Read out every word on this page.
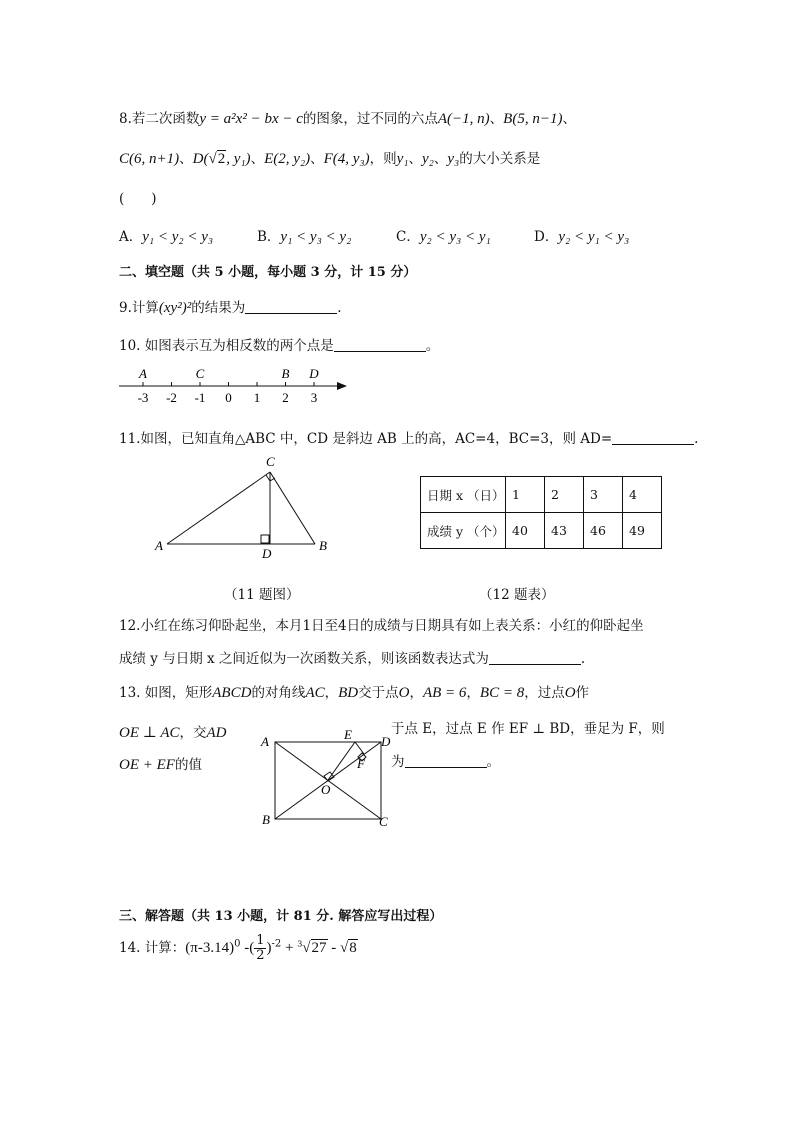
8.若二次函数y = a²x² − bx − c的图象，过不同的六点A(−1, n)、B(5, n−1)、
C(6, n+1)、D(√2, y₁)、E(2, y₂)、F(4, y₃)，则y₁、y₂、y₃的大小关系是
(　　)
A．y₁ < y₂ < y₃	B．y₁ < y₃ < y₂	C．y₂ < y₃ < y₁	D．y₂ < y₁ < y₃
二、填空题（共 5 小题，每小题 3 分，计 15 分）
9.计算(xy²)²的结果为	.
10. 如图表示互为相反数的两个点是	。
-3 -2 -1 0 1 2 3
A	C	B D
11.如图，已知直角△ABC 中，CD 是斜边 AB 上的高，AC=4，BC=3，则 AD=	.
A	B
C
D
（11 题图）
日期 x （日）	1	2	3	4
成绩 y （个）	40	43	46	49
（12 题表）
12.小红在练习仰卧起坐，本月1日至4日的成绩与日期具有如上表关系：小红的仰卧起坐
成绩 y 与日期 x 之间近似为一次函数关系，则该函数表达式为	.
13. 如图，矩形ABCD的对角线AC，BD交于点O，AB = 6，BC = 8，过点O作
OE ⊥ AC，交AD
OE + EF的值
于点 E，过点 E 作 EF ⊥ BD，垂足为 F，则
为	。
A
B	C
D
E
F
O
三、解答题（共 13 小题，计 81 分. 解答应写出过程）
14. 计算：$(\pi-3.14)^0$ -( $\frac{1}{2} )^{-2} + ^3√27 - √8$
